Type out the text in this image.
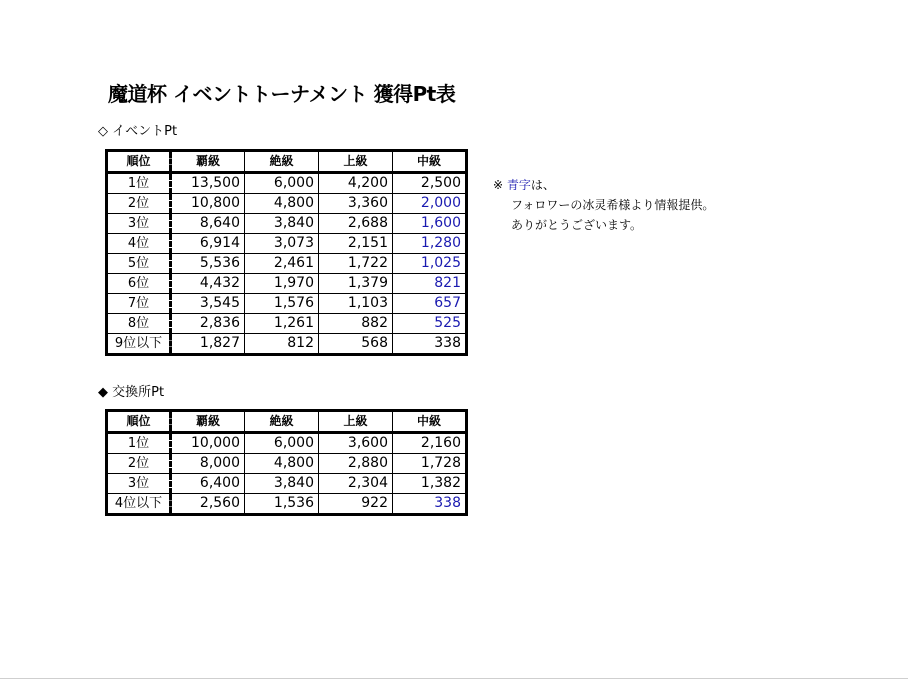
魔道杯 イベントトーナメント 獲得Pt表
◇ イベントPt
順位	覇級	絶級	上級	中級
1位	13,500	6,000	4,200	2,500
2位	10,800	4,800	3,360	2,000
3位	8,640	3,840	2,688	1,600
4位	6,914	3,073	2,151	1,280
5位	5,536	2,461	1,722	1,025
6位	4,432	1,970	1,379	821
7位	3,545	1,576	1,103	657
8位	2,836	1,261	882	525
9位以下	1,827	812	568	338
◆ 交換所Pt
順位	覇級	絶級	上級	中級
1位	10,000	6,000	3,600	2,160
2位	8,000	4,800	2,880	1,728
3位	6,400	3,840	2,304	1,382
4位以下	2,560	1,536	922	338
※ 青字は、
フォロワーの冰灵希様より情報提供。
ありがとうございます。
